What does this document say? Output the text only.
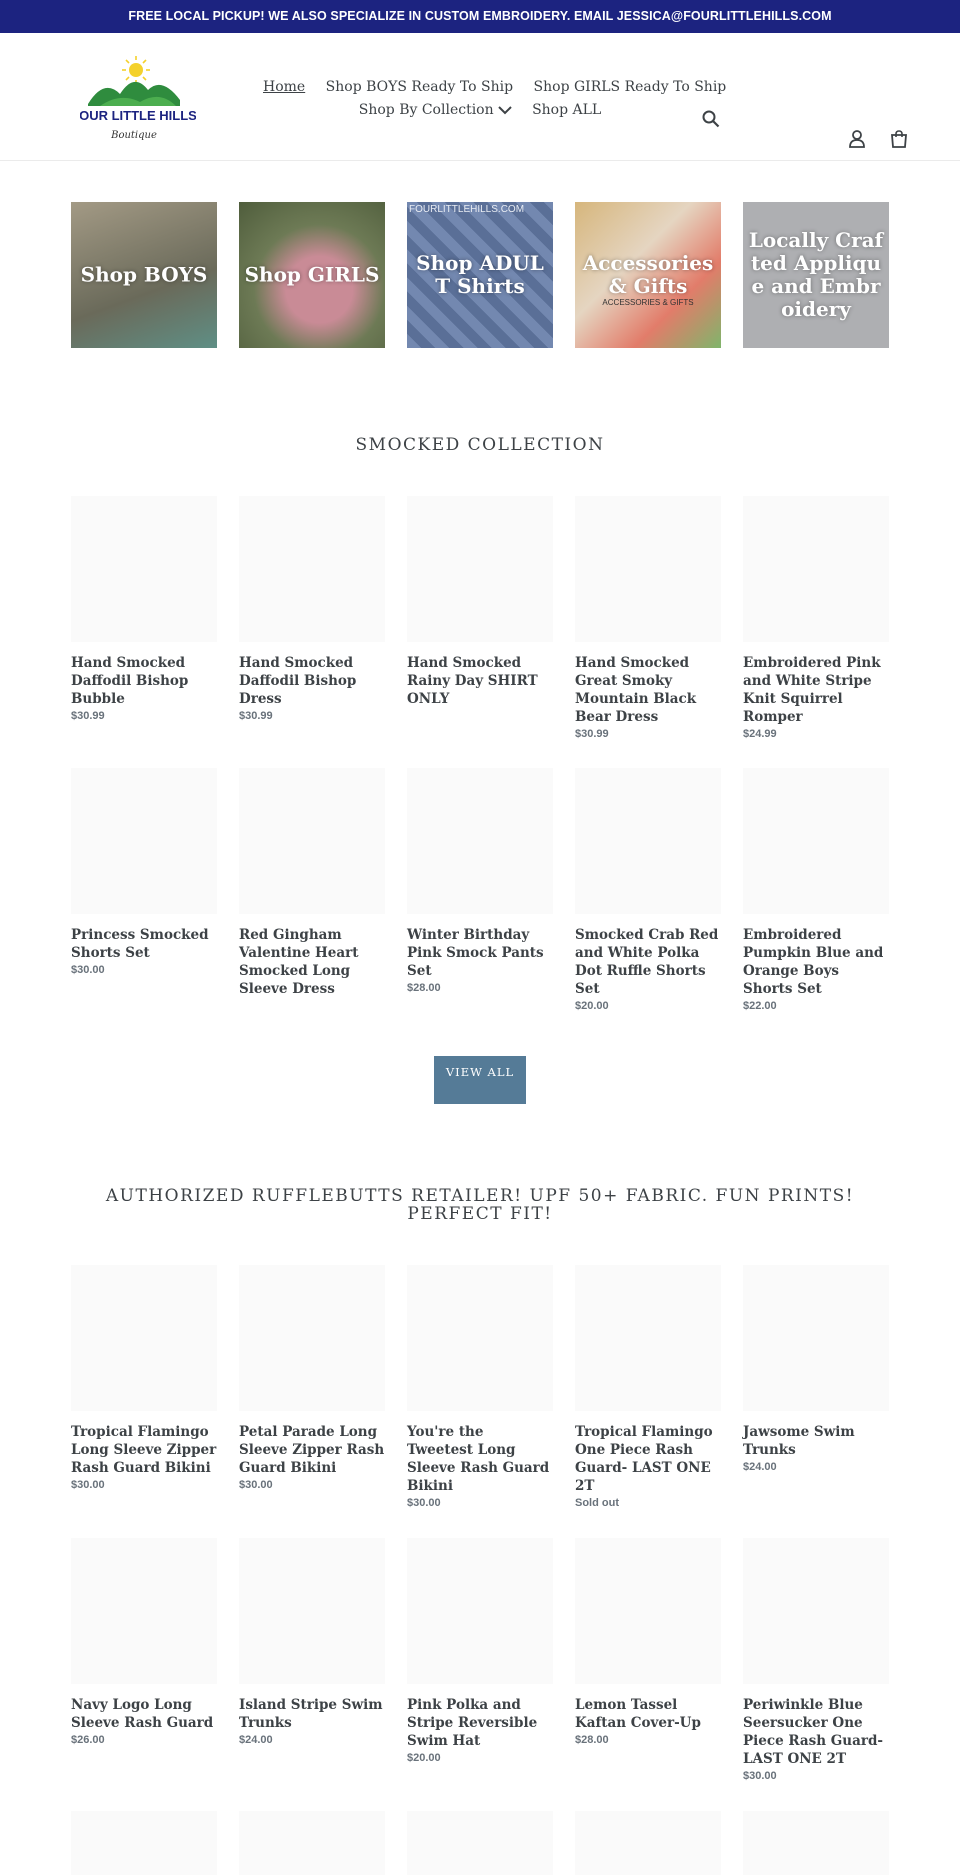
FREE LOCAL PICKUP! WE ALSO SPECIALIZE IN CUSTOM EMBROIDERY. EMAIL JESSICA@FOURLITTLEHILLS.COM
FOUR LITTLE HILLS
Boutique
Home Shop BOYS Ready To Ship Shop GIRLS Ready To Ship
Shop By Collection	Shop ALL
Shop BOYS	Shop GIRLS
FOURLITTLEHILLS.COM
Shop ADULT Shirts
ACCESSORIES & GIFTS
Accessories & Gifts
Locally Crafted Applique and Embroidery
SMOCKED COLLECTION
Hand Smocked Daffodil Bishop Bubble
$30.99
Hand Smocked Daffodil Bishop Dress
$30.99
Hand Smocked Rainy Day SHIRT ONLY
Hand Smocked Great Smoky Mountain Black Bear Dress
$30.99
Embroidered Pink and White Stripe Knit Squirrel Romper
$24.99
Princess Smocked Shorts Set
$30.00
Red Gingham Valentine Heart Smocked Long Sleeve Dress
Winter Birthday Pink Smock Pants Set
$28.00
Smocked Crab Red and White Polka Dot Ruffle Shorts Set
$20.00
Embroidered Pumpkin Blue and Orange Boys Shorts Set
$22.00
VIEW ALL
AUTHORIZED RUFFLEBUTTS RETAILER! UPF 50+ FABRIC. FUN PRINTS! PERFECT FIT!
Tropical Flamingo Long Sleeve Zipper Rash Guard Bikini
$30.00
Petal Parade Long Sleeve Zipper Rash Guard Bikini
$30.00
You're the Tweetest Long Sleeve Rash Guard Bikini
$30.00
Tropical Flamingo One Piece Rash Guard- LAST ONE 2T
Sold out
Jawsome Swim Trunks
$24.00
Navy Logo Long Sleeve Rash Guard
$26.00
Island Stripe Swim Trunks
$24.00
Pink Polka and Stripe Reversible Swim Hat
$20.00
Lemon Tassel Kaftan Cover-Up
$28.00
Periwinkle Blue Seersucker One Piece Rash Guard- LAST ONE 2T
$30.00
